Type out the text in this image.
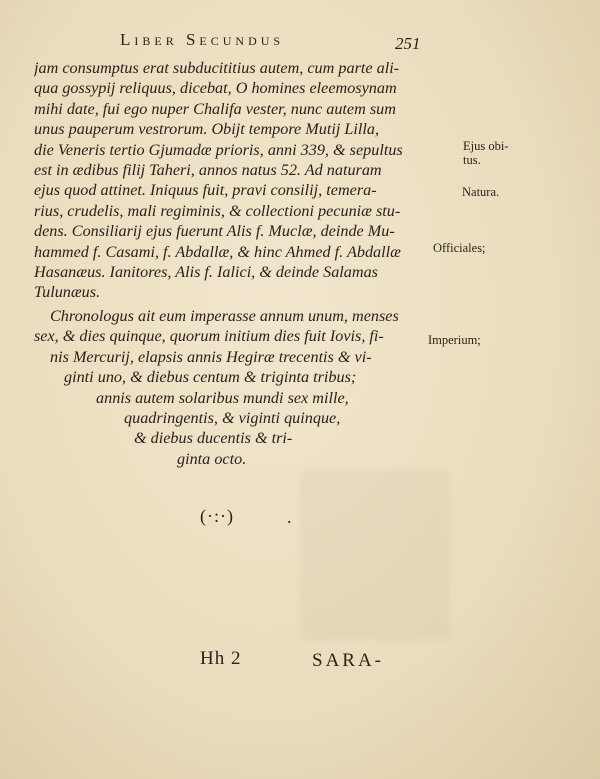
Liber Secundus	251
jam consumptus erat subducititius autem, cum parte ali-
qua gossypij reliquus, dicebat, O homines eleemosynam
mihi date, fui ego nuper Chalifa vester, nunc autem sum
unus pauperum vestrorum. Obijt tempore Mutij Lilla,
die Veneris tertio Gjumadæ prioris, anni 339, & sepultus
est in ædibus filij Taheri, annos natus 52. Ad naturam
ejus quod attinet. Iniquus fuit, pravi consilij, temera-
rius, crudelis, mali regiminis, & collectioni pecuniæ stu-
dens. Consiliarij ejus fuerunt Alis f. Muclæ, deinde Mu-
hammed f. Casami, f. Abdallæ, & hinc Ahmed f. Abdallæ
Hasanæus. Ianitores, Alis f. Ialici, & deinde Salamas
Tulunæus.
Chronologus ait eum imperasse annum unum, menses
sex, & dies quinque, quorum initium dies fuit Iovis, fi-
nis Mercurij, elapsis annis Hegiræ trecentis & vi-
ginti uno, & diebus centum & triginta tribus;
annis autem solaribus mundi sex mille,
quadringentis, & viginti quinque,
& diebus ducentis & tri-
ginta octo.
Ejus obi-
tus.
Natura.
Officiales;
Imperium;
(·:·)	.
Hh 2	SARA-
